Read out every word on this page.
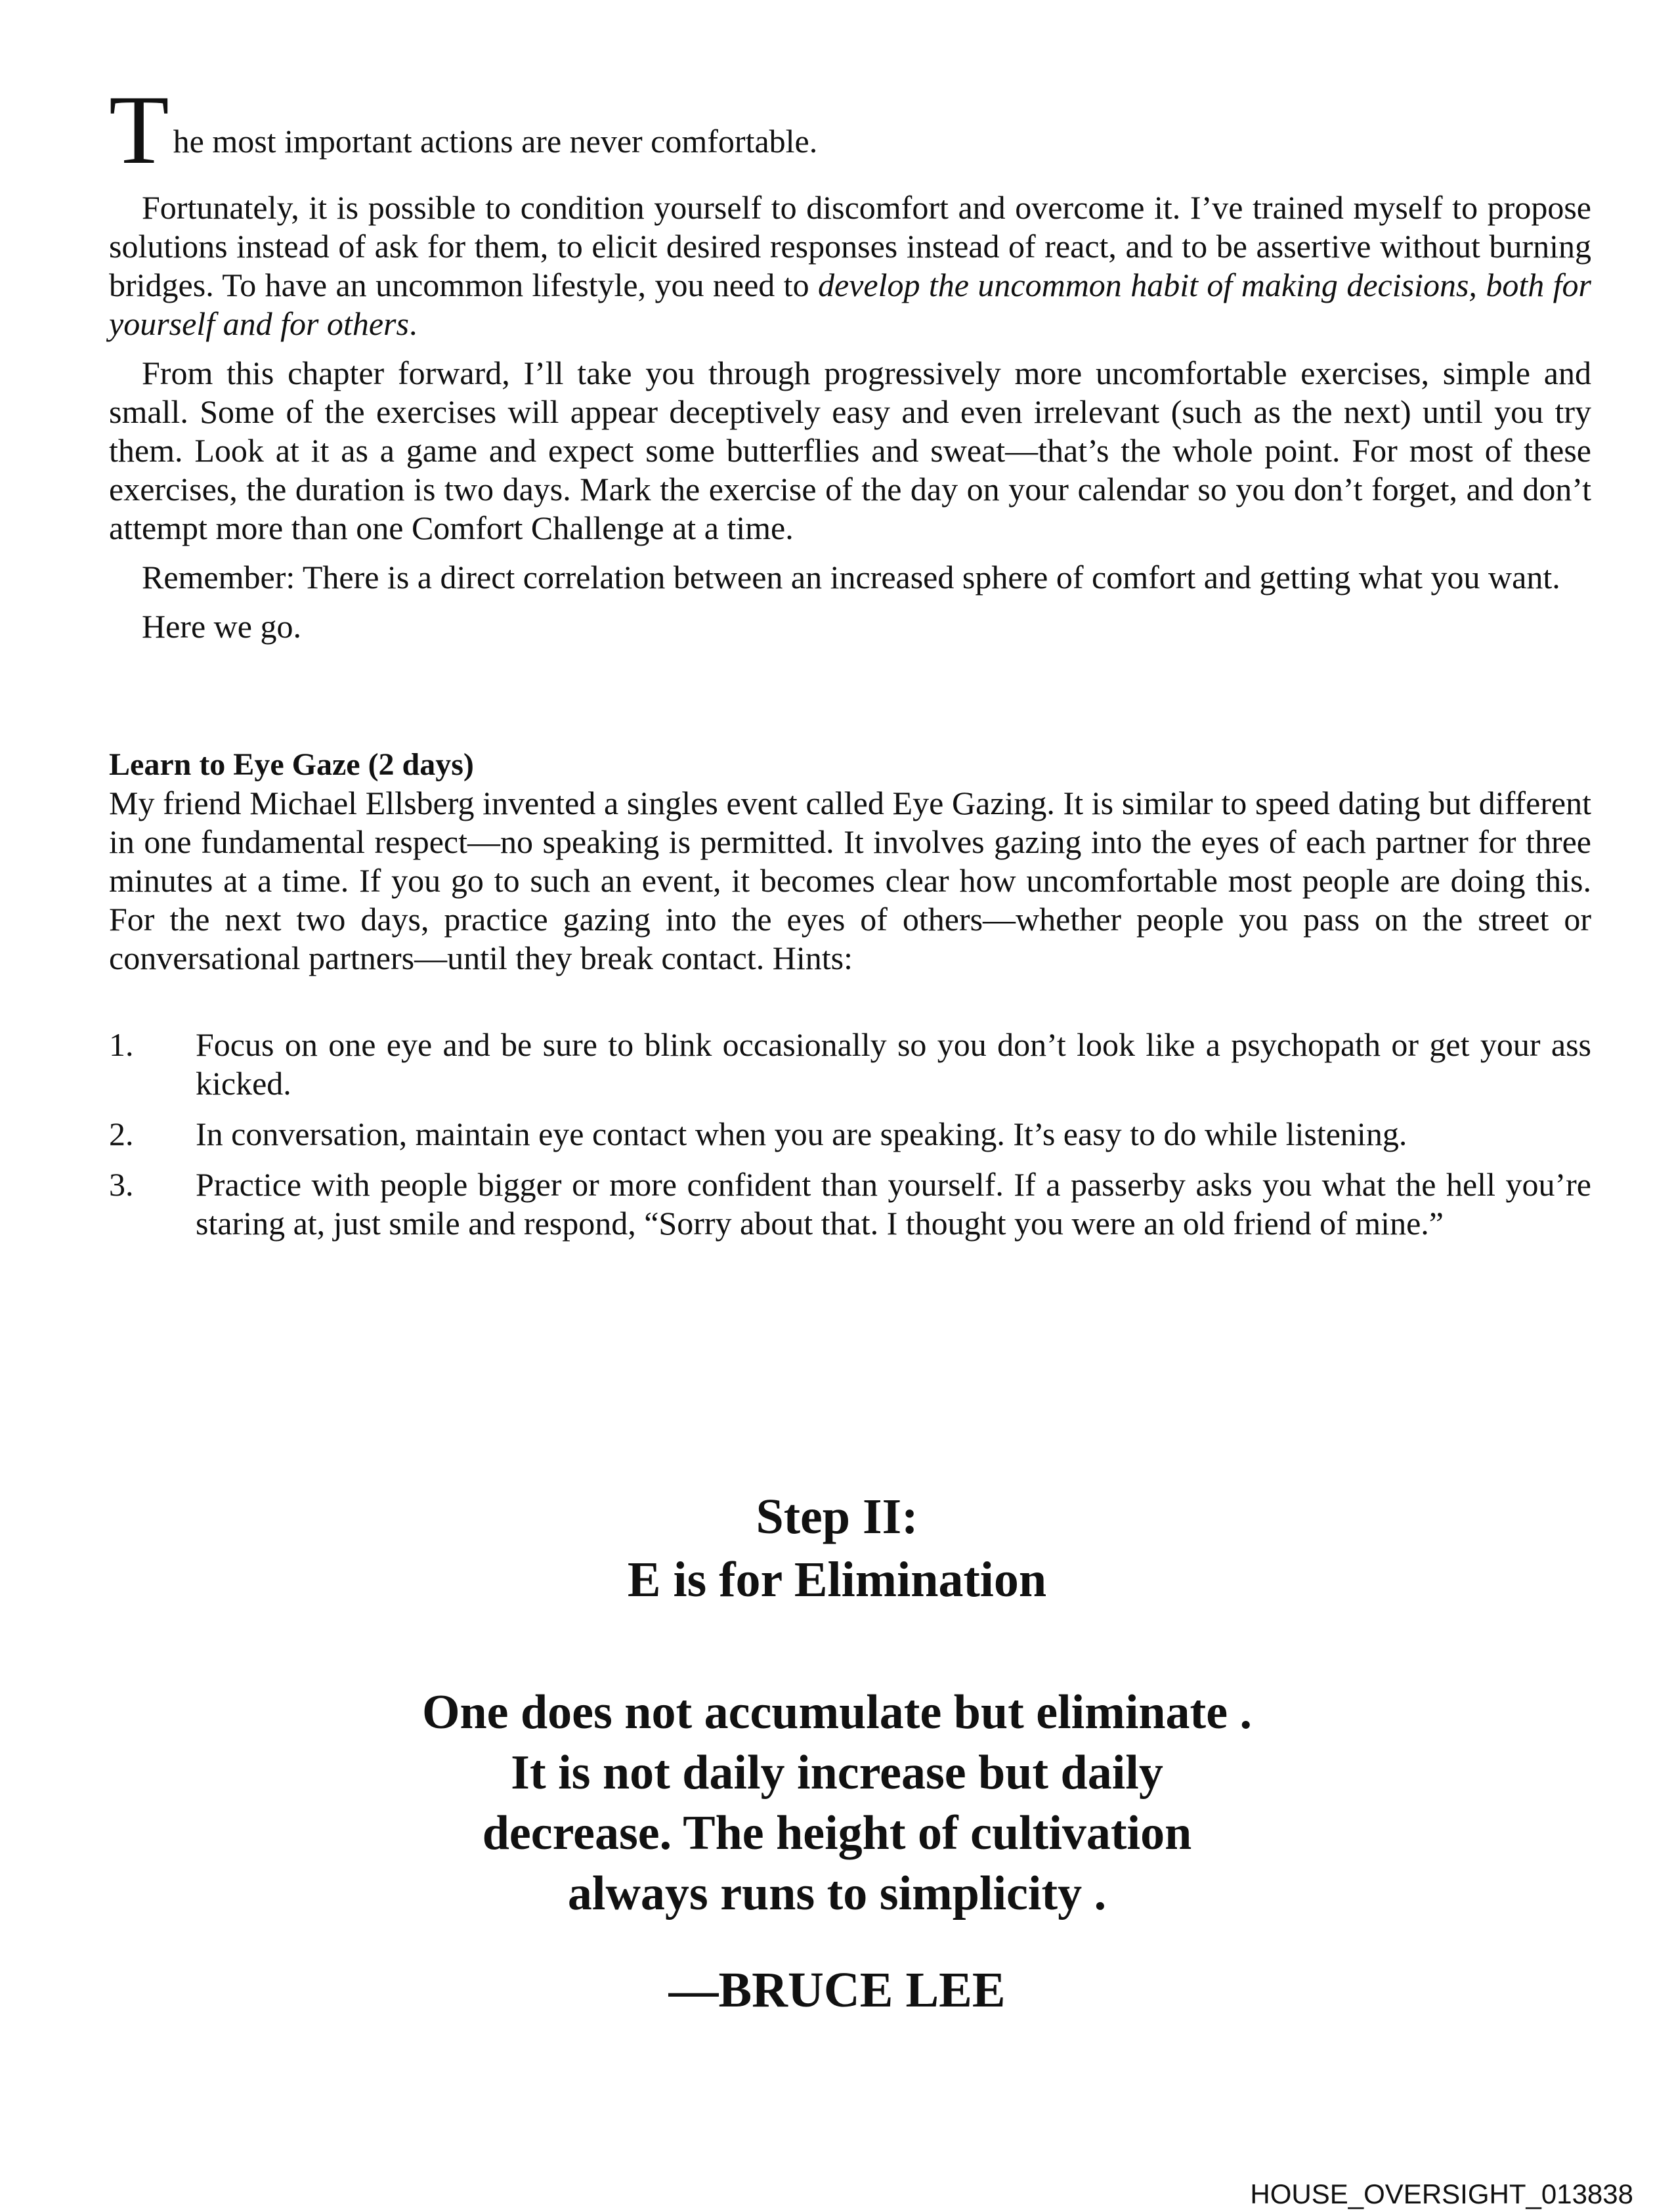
T he most important actions are never comfortable.

Fortunately, it is possible to condition yourself to discomfort and overcome it. I’ve trained myself to propose solutions instead of ask for them, to elicit desired responses instead of react, and to be assertive without burning bridges. To have an uncommon lifestyle, you need to develop the uncommon habit of making decisions, both for yourself and for others.

From this chapter forward, I’ll take you through progressively more uncomfortable exercises, simple and small. Some of the exercises will appear deceptively easy and even irrelevant (such as the next) until you try them. Look at it as a game and expect some butterflies and sweat—that’s the whole point. For most of these exercises, the duration is two days. Mark the exercise of the day on your calendar so you don’t forget, and don’t attempt more than one Comfort Challenge at a time.

Remember: There is a direct correlation between an increased sphere of comfort and getting what you want.

Here we go.

Learn to Eye Gaze (2 days)

My friend Michael Ellsberg invented a singles event called Eye Gazing. It is similar to speed dating but different in one fundamental respect—no speaking is permitted. It involves gazing into the eyes of each partner for three minutes at a time. If you go to such an event, it becomes clear how uncomfortable most people are doing this. For the next two days, practice gazing into the eyes of others—whether people you pass on the street or conversational partners—until they break contact. Hints:

1.	Focus on one eye and be sure to blink occasionally so you don’t look like a psychopath or get your ass kicked.
2.	In conversation, maintain eye contact when you are speaking. It’s easy to do while listening.
3.	Practice with people bigger or more confident than yourself. If a passerby asks you what the hell you’re staring at, just smile and respond, “Sorry about that. I thought you were an old friend of mine.”
Step II:
E is for Elimination
One does not accumulate but eliminate .
It is not daily increase but daily
decrease. The height of cultivation
always runs to simplicity .
—BRUCE LEE
HOUSE_OVERSIGHT_013838
